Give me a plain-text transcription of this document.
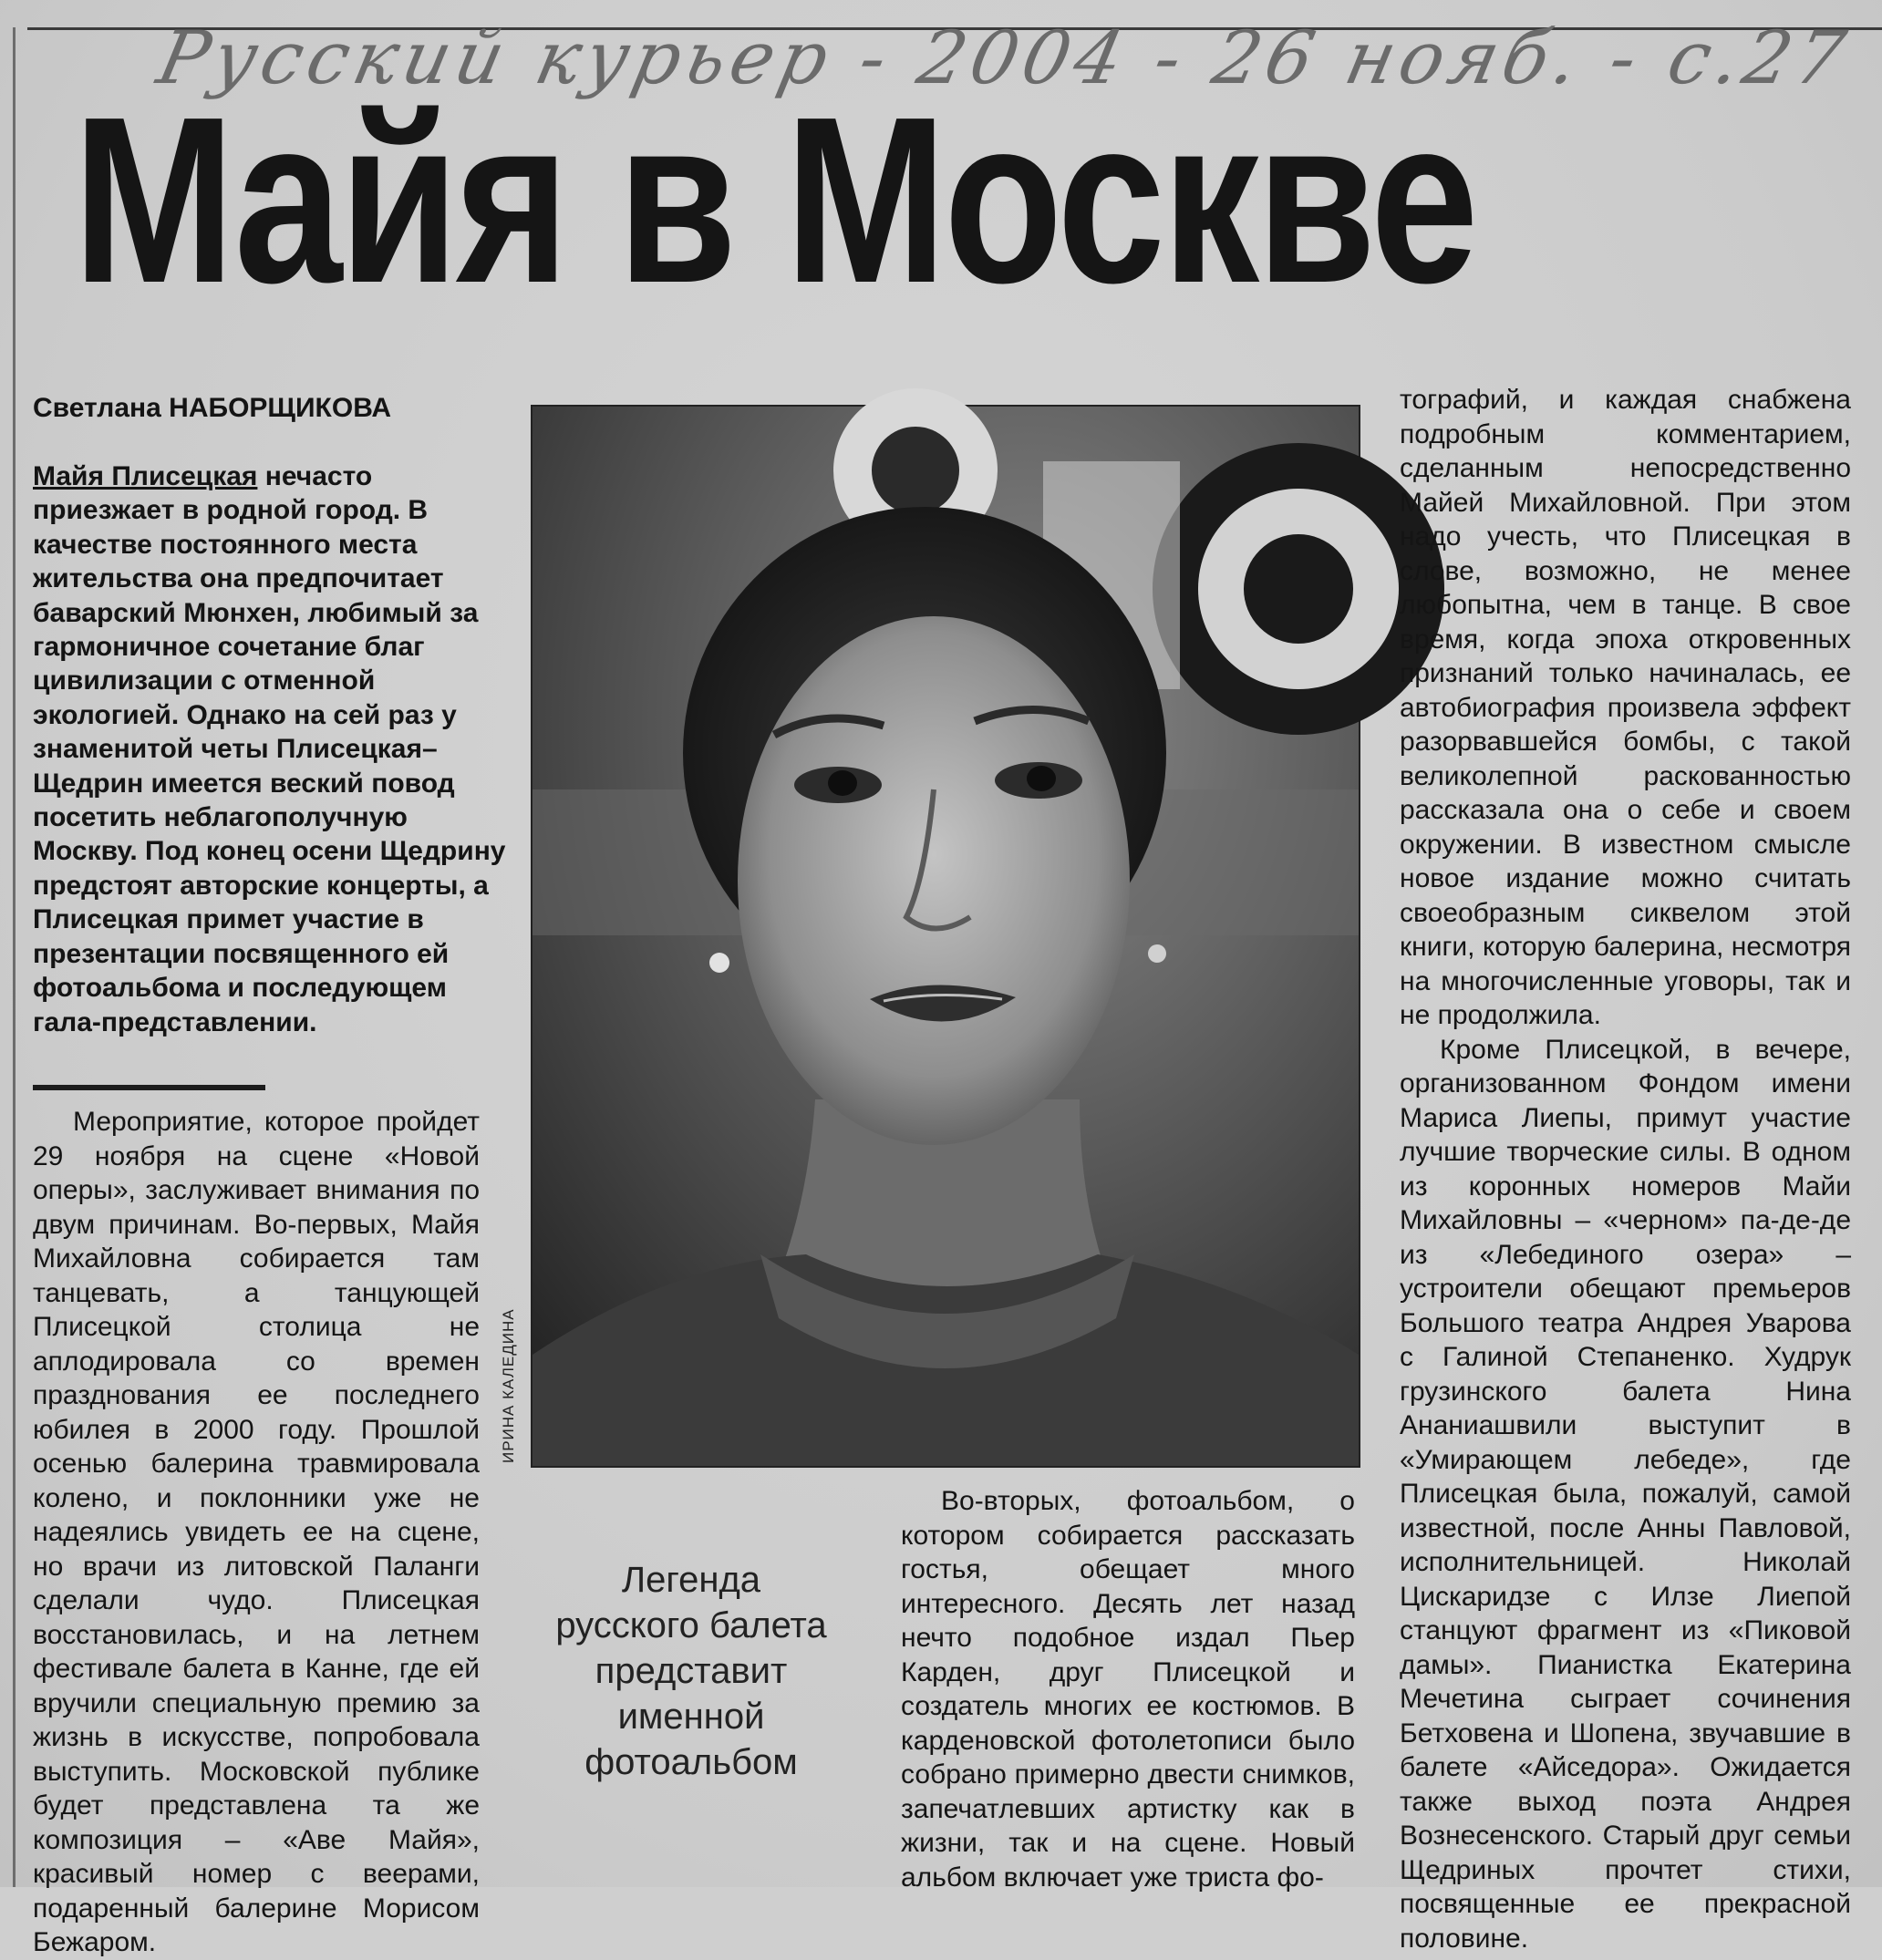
Русский курьер - 2004 - 26 нояб. - с.27
Майя в Москве
Светлана НАБОРЩИКОВА

Майя Плисецкая нечасто приезжает в родной город. В качестве постоянного места жительства она предпочитает баварский Мюнхен, любимый за гармоничное сочетание благ цивилизации с отменной экологией. Однако на сей раз у знаменитой четы Плисецкая–Щедрин имеется веский повод посетить неблагополучную Москву. Под конец осени Щедрину предстоят авторские концерты, а Плисецкая примет участие в презентации посвященного ей фотоальбома и последующем гала-представлении.

Мероприятие, которое пройдет 29 ноября на сцене «Новой оперы», заслуживает внимания по двум причинам. Во-первых, Майя Михайловна собирается там танцевать, а танцующей Плисецкой столица не аплодировала со времен празднования ее последнего юбилея в 2000 году. Прошлой осенью балерина травмировала колено, и поклонники уже не надеялись увидеть ее на сцене, но врачи из литовской Паланги сделали чудо. Плисецкая восстановилась, и на летнем фестивале балета в Канне, где ей вручили специальную премию за жизнь в искусстве, попробовала выступить. Московской публике будет представлена та же композиция – «Аве Майя», красивый номер с веерами, подаренный балерине Морисом Бежаром.

ИРИНА КАЛЕДИНА
Легенда
русского балета
представит
именной
фотоальбом

Во-вторых, фотоальбом, о котором собирается рассказать гостья, обещает много интересного. Десять лет назад нечто подобное издал Пьер Карден, друг Плисецкой и создатель многих ее костюмов. В карденовской фотолетописи было собрано примерно двести снимков, запечатлевших артистку как в жизни, так и на сцене. Новый альбом включает уже триста фо-

тографий, и каждая снабжена подробным комментарием, сделанным непосредственно Майей Михайловной. При этом надо учесть, что Плисецкая в слове, возможно, не менее любопытна, чем в танце. В свое время, когда эпоха откровенных признаний только начиналась, ее автобиография произвела эффект разорвавшейся бомбы, с такой великолепной раскованностью рассказала она о себе и своем окружении. В известном смысле новое издание можно считать своеобразным сиквелом этой книги, которую балерина, несмотря на многочисленные уговоры, так и не продолжила.

Кроме Плисецкой, в вечере, организованном Фондом имени Мариса Лиепы, примут участие лучшие творческие силы. В одном из коронных номеров Майи Михайловны – «черном» па-де-де из «Лебединого озера» – устроители обещают премьеров Большого театра Андрея Уварова с Галиной Степаненко. Худрук грузинского балета Нина Ананиашвили выступит в «Умирающем лебеде», где Плисецкая была, пожалуй, самой известной, после Анны Павловой, исполнительницей. Николай Цискаридзе с Илзе Лиепой станцуют фрагмент из «Пиковой дамы». Пианистка Екатерина Мечетина сыграет сочинения Бетховена и Шопена, звучавшие в балете «Айседора». Ожидается также выход поэта Андрея Вознесенского. Старый друг семьи Щедриных прочтет стихи, посвященные ее прекрасной половине.
